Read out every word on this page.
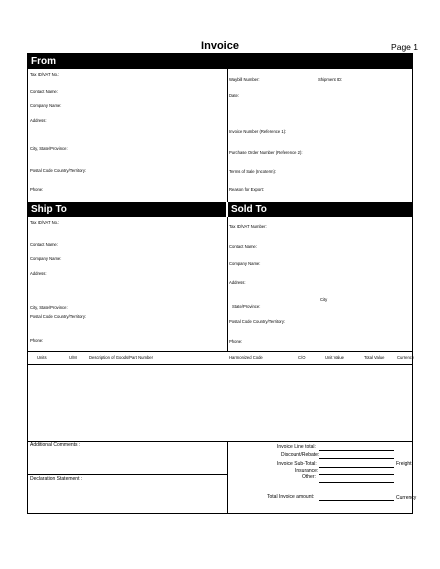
Invoice	Page 1
From
Tax ID/VAT No.:
Contact Name:
Company Name:
Address:
City, State/Province:
Postal Code Country/Territory:
Phone:
Waybill Number:	Shipment ID:
Date:
Invoice Number (Reference 1):
Purchase Order Number (Reference 2):
Terms of Sale (Incoterm):
Reason for Export:
Ship To	Sold To
Tax ID/VAT No.:
Contact Name:
Company Name:
Address:
City, State/Province:
Postal Code Country/Territory:
Phone:
Tax ID/VAT Number:
Contact Name:
Company Name:
Address:
City
State/Province:
Postal Code Country/Territory:
Phone:
Units	U/M	Description of Goods/Part Number	Harmonized Code	C/O	Unit Value	Total Value	Currency
Additional Comments :
Declaration Statement :
Invoice Line total:
Discount/Rebate:
Invoice Sub-Total:	Freight:
Insurance:
Other:
Total Invoice amount:	Currency
